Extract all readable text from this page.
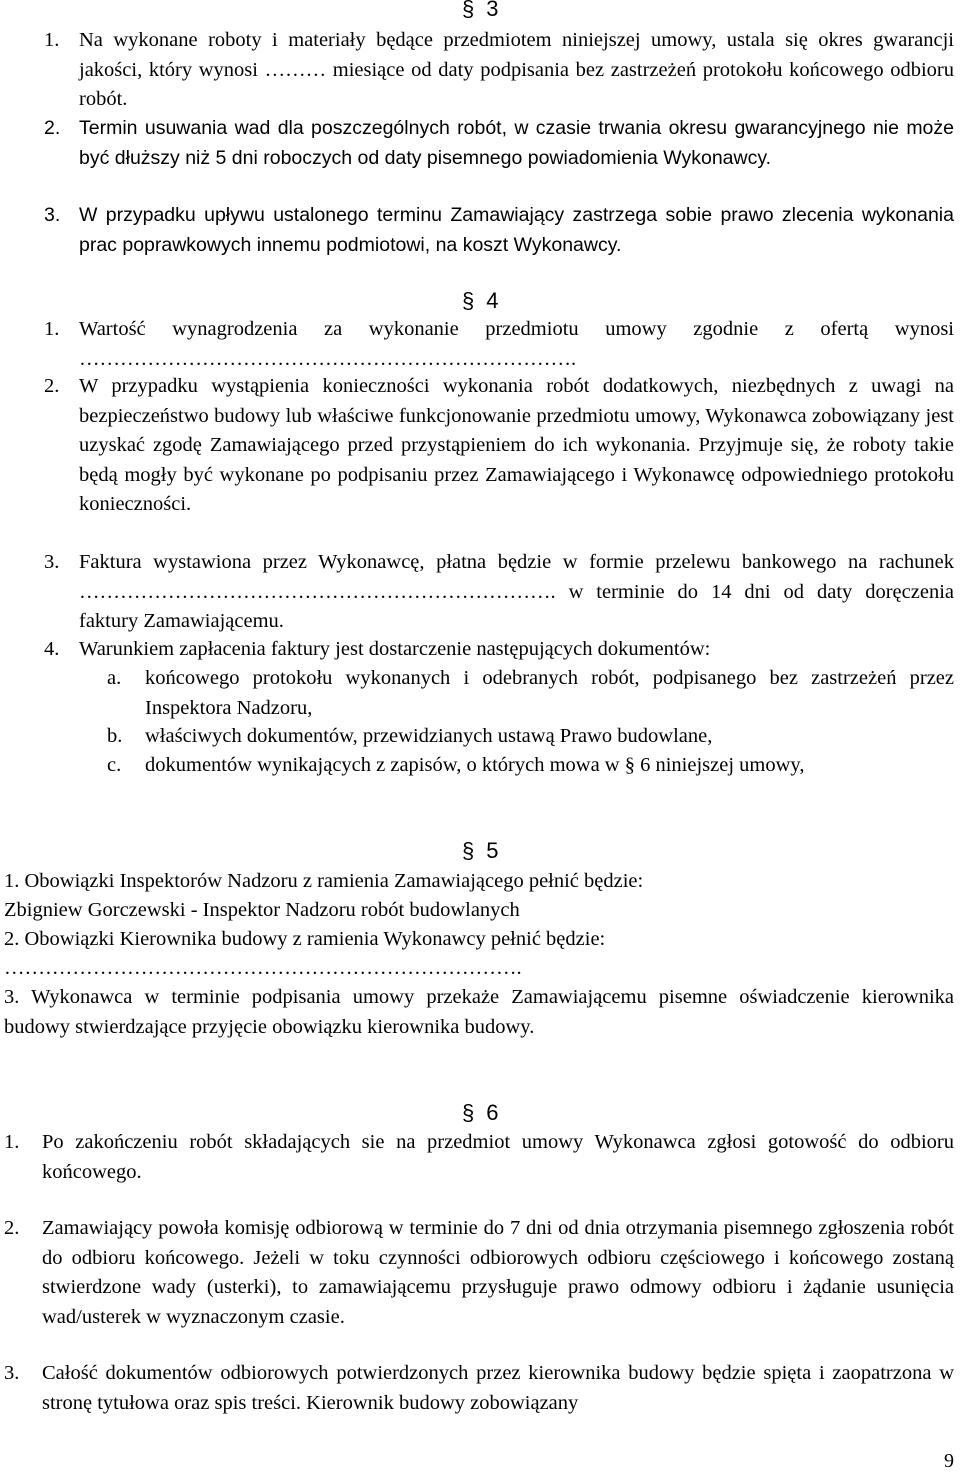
§ 3
1. Na wykonane roboty i materiały będące przedmiotem niniejszej umowy, ustala się okres gwarancji jakości, który wynosi ……… miesiące od daty podpisania bez zastrzeżeń protokołu końcowego odbioru robót.
2. Termin usuwania wad dla poszczególnych robót, w czasie trwania okresu gwarancyjnego nie może być dłuższy niż 5 dni roboczych od daty pisemnego powiadomienia Wykonawcy.
3. W przypadku upływu ustalonego terminu Zamawiający zastrzega sobie prawo zlecenia wykonania prac poprawkowych innemu podmiotowi, na koszt Wykonawcy.
§ 4
1. Wartość wynagrodzenia za wykonanie przedmiotu umowy zgodnie z ofertą wynosi ……………………………………………………………….
2. W przypadku wystąpienia konieczności wykonania robót dodatkowych, niezbędnych z uwagi na bezpieczeństwo budowy lub właściwe funkcjonowanie przedmiotu umowy, Wykonawca zobowiązany jest uzyskać zgodę Zamawiającego przed przystąpieniem do ich wykonania. Przyjmuje się, że roboty takie będą mogły być wykonane po podpisaniu przez Zamawiającego i Wykonawcę odpowiedniego protokołu konieczności.
3. Faktura wystawiona przez Wykonawcę, płatna będzie w formie przelewu bankowego na rachunek ……………………………………………………………. w terminie do 14 dni od daty doręczenia faktury Zamawiającemu.
4. Warunkiem zapłacenia faktury jest dostarczenie następujących dokumentów:
a. końcowego protokołu wykonanych i odebranych robót, podpisanego bez zastrzeżeń przez Inspektora Nadzoru,
b. właściwych dokumentów, przewidzianych ustawą Prawo budowlane,
c. dokumentów wynikających z zapisów, o których mowa w § 6 niniejszej umowy,
§ 5
1. Obowiązki Inspektorów Nadzoru z ramienia Zamawiającego pełnić będzie:
Zbigniew Gorczewski - Inspektor Nadzoru robót budowlanych
2. Obowiązki Kierownika budowy z ramienia Wykonawcy pełnić będzie:
………………………………………………………………….
3. Wykonawca w terminie podpisania umowy przekaże Zamawiającemu pisemne oświadczenie kierownika budowy stwierdzające przyjęcie obowiązku kierownika budowy.
§ 6
1. Po zakończeniu robót składających sie na przedmiot umowy Wykonawca zgłosi gotowość do odbioru końcowego.
2. Zamawiający powoła komisję odbiorową w terminie do 7 dni od dnia otrzymania pisemnego zgłoszenia robót do odbioru końcowego. Jeżeli w toku czynności odbiorowych odbioru częściowego i końcowego zostaną stwierdzone wady (usterki), to zamawiającemu przysługuje prawo odmowy odbioru i żądanie usunięcia wad/usterek w wyznaczonym czasie.
3. Całość dokumentów odbiorowych potwierdzonych przez kierownika budowy będzie spięta i zaopatrzona w stronę tytułowa oraz spis treści. Kierownik budowy zobowiązany
9
